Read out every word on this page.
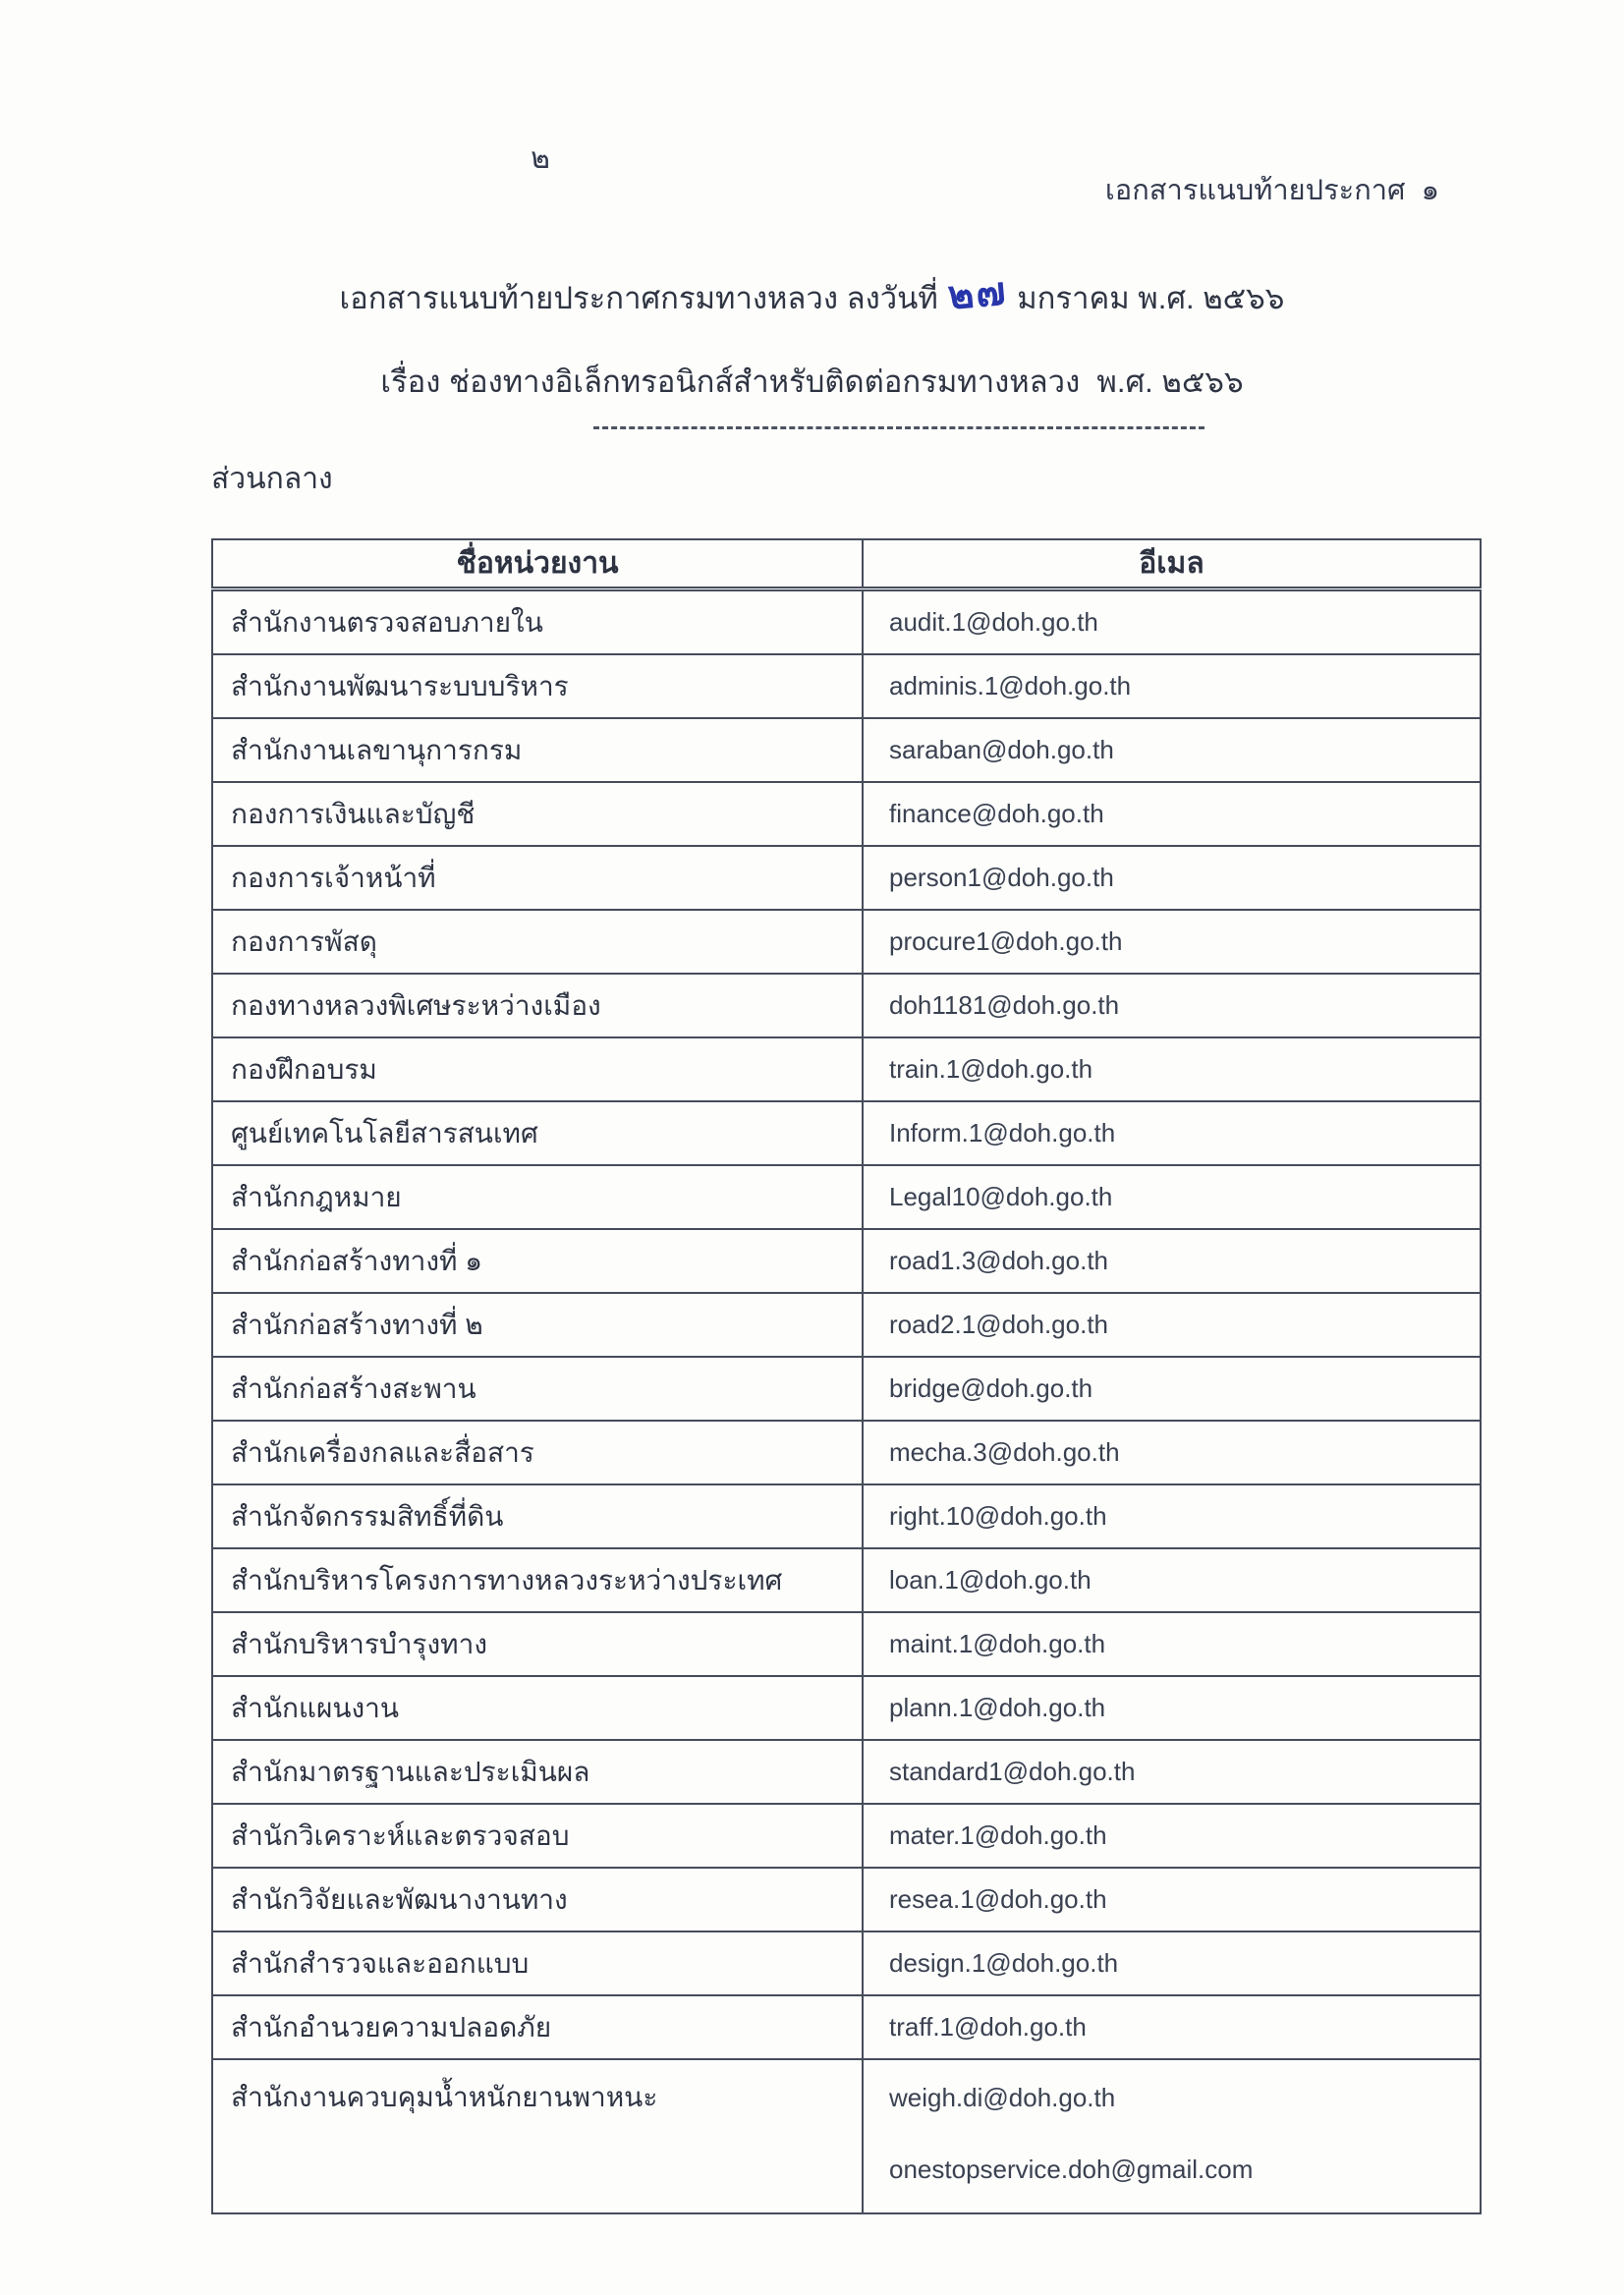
๒
เอกสารแนบท้ายประกาศ  ๑
เอกสารแนบท้ายประกาศกรมทางหลวง ลงวันที่ ๒๗ มกราคม พ.ศ. ๒๕๖๖
เรื่อง ช่องทางอิเล็กทรอนิกส์สำหรับติดต่อกรมทางหลวง  พ.ศ. ๒๕๖๖
ส่วนกลาง
ชื่อหน่วยงาน	อีเมล
สำนักงานตรวจสอบภายใน	audit.1@doh.go.th

สำนักงานพัฒนาระบบบริหาร	adminis.1@doh.go.th

สำนักงานเลขานุการกรม	saraban@doh.go.th

กองการเงินและบัญชี	finance@doh.go.th

กองการเจ้าหน้าที่	person1@doh.go.th

กองการพัสดุ	procure1@doh.go.th

กองทางหลวงพิเศษระหว่างเมือง	doh1181@doh.go.th

กองฝึกอบรม	train.1@doh.go.th

ศูนย์เทคโนโลยีสารสนเทศ	Inform.1@doh.go.th

สำนักกฎหมาย	Legal10@doh.go.th

สำนักก่อสร้างทางที่ ๑	road1.3@doh.go.th

สำนักก่อสร้างทางที่ ๒	road2.1@doh.go.th

สำนักก่อสร้างสะพาน	bridge@doh.go.th

สำนักเครื่องกลและสื่อสาร	mecha.3@doh.go.th

สำนักจัดกรรมสิทธิ์ที่ดิน	right.10@doh.go.th

สำนักบริหารโครงการทางหลวงระหว่างประเทศ	loan.1@doh.go.th

สำนักบริหารบำรุงทาง	maint.1@doh.go.th

สำนักแผนงาน	plann.1@doh.go.th

สำนักมาตรฐานและประเมินผล	standard1@doh.go.th

สำนักวิเคราะห์และตรวจสอบ	mater.1@doh.go.th

สำนักวิจัยและพัฒนางานทาง	resea.1@doh.go.th

สำนักสำรวจและออกแบบ	design.1@doh.go.th

สำนักอำนวยความปลอดภัย	traff.1@doh.go.th

สำนักงานควบคุมน้ำหนักยานพาหนะ	weigh.di@doh.go.th
onestopservice.doh@gmail.com
